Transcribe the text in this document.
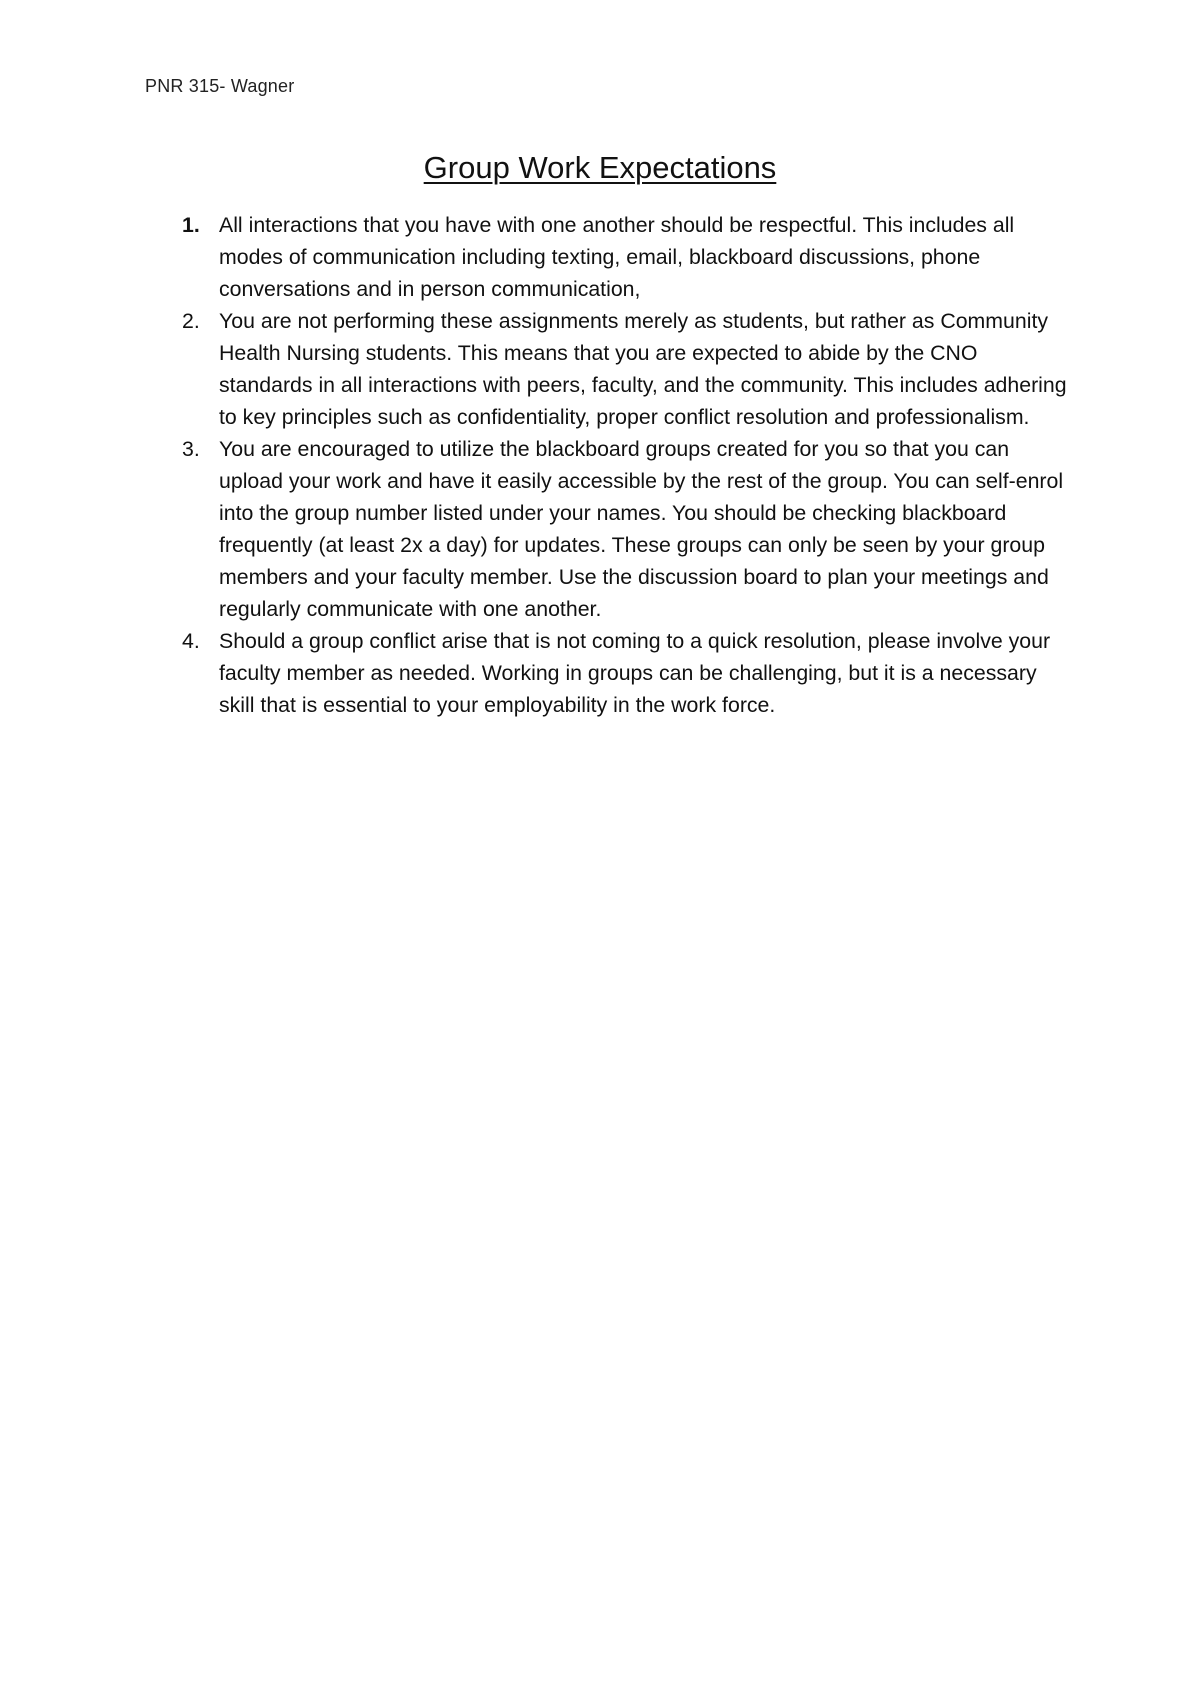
PNR 315- Wagner
Group Work Expectations
1. All interactions that you have with one another should be respectful. This includes all modes of communication including texting, email, blackboard discussions, phone conversations and in person communication,
2. You are not performing these assignments merely as students, but rather as Community Health Nursing students. This means that you are expected to abide by the CNO standards in all interactions with peers, faculty, and the community. This includes adhering to key principles such as confidentiality, proper conflict resolution and professionalism.
3. You are encouraged to utilize the blackboard groups created for you so that you can upload your work and have it easily accessible by the rest of the group. You can self-enrol into the group number listed under your names. You should be checking blackboard frequently (at least 2x a day) for updates. These groups can only be seen by your group members and your faculty member. Use the discussion board to plan your meetings and regularly communicate with one another.
4. Should a group conflict arise that is not coming to a quick resolution, please involve your faculty member as needed. Working in groups can be challenging, but it is a necessary skill that is essential to your employability in the work force.
